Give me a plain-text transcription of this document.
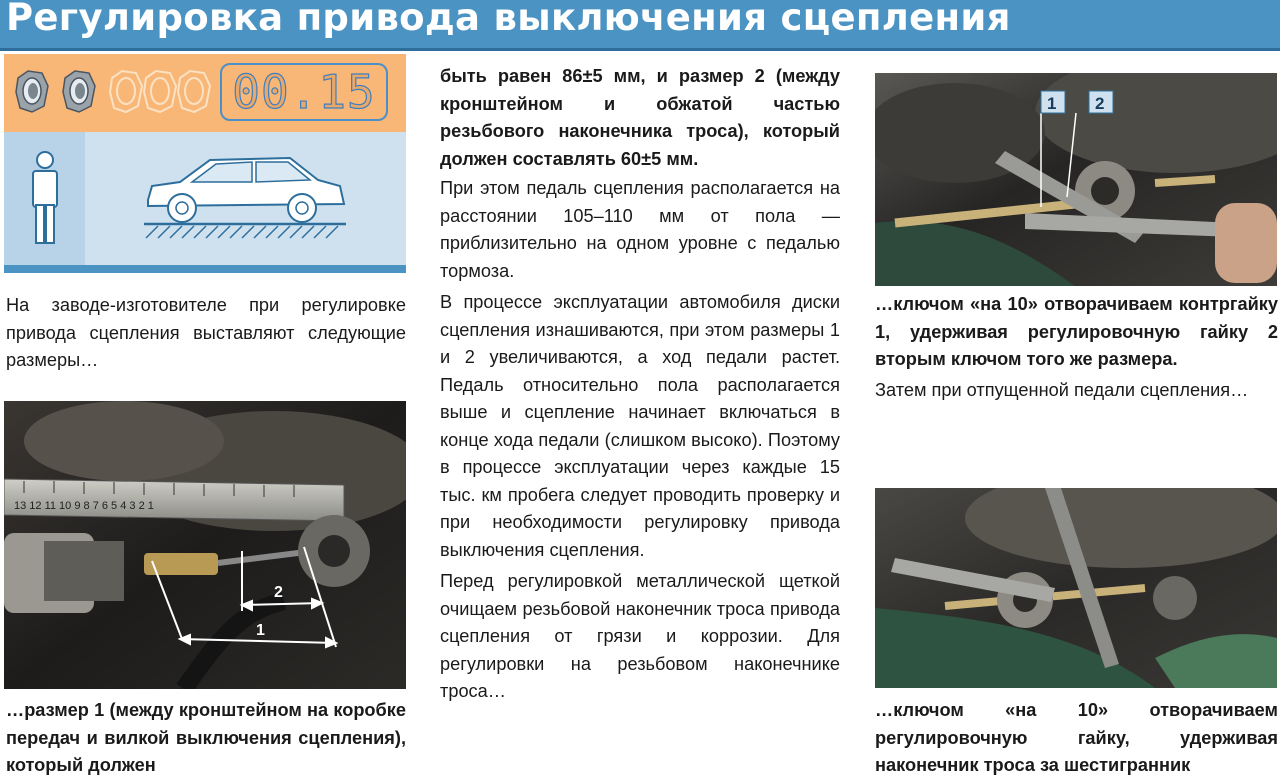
Регулировка привода выключения сцепления
00.15

На заводе-изготовителе при регулировке привода сцепления выставляют следующие размеры…

13 12 11 10 9 8 7 6 5 4 3 2 1
2
1

…размер 1 (между кронштейном на коробке передач и вилкой выключения сцепления), который должен

быть равен 86±5 мм, и размер 2 (между кронштейном и обжатой частью резьбового наконечника троса), который должен составлять 60±5 мм.

При этом педаль сцепления располагается на расстоянии 105–110 мм от пола — приблизительно на одном уровне с педалью тормоза.

В процессе эксплуатации автомобиля диски сцепления изнашиваются, при этом размеры 1 и 2 увеличиваются, а ход педали растет. Педаль относительно пола располагается выше и сцепление начинает включаться в конце хода педали (слишком высоко). Поэтому в процессе эксплуатации через каждые 15 тыс. км пробега следует проводить проверку и при необходимости регулировку привода выключения сцепления.

Перед регулировкой металлической щеткой очищаем резьбовой наконечник троса привода сцепления от грязи и коррозии. Для регулировки на резьбовом наконечнике троса…

1 2

…ключом «на 10» отворачиваем контргайку 1, удерживая регулировочную гайку 2 вторым ключом того же размера.

Затем при отпущенной педали сцепления…

…ключом «на 10» отворачиваем регулировочную гайку, удерживая наконечник троса за шестигранник
